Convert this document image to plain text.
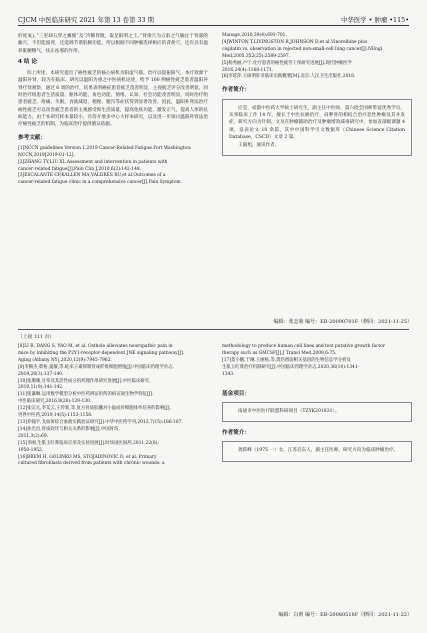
CJCM 中医临床研究 2021 年第 13 卷第 33 期	中华医学 • 肿瘤 •115•

肝度氧)。”三里却五穿之翼瘦”及“冷稀肾散，取足阳明之土。”肾俞穴为五脏之气输注于背部的腧穴，不但能滋肾，还能调节诸脏腑功能，所以根据不同肿瘤选择相应的背俞穴，还有具有温养脏腑精气，扶正祛邪的作用。

4 结 论

综上所述，本研究提出了癌性疲乏的核心病机为阳虚气郁。治疗以提振阳气，本疗效源于温阳补肾，较为在临床、研究以温阳为重之中医病机论述，给予 100 例癌性疲乏患者温阳补肾疗效观察，通过 6 周的治疗，结果表明癌症患者疲乏改善明显，主观疲乏评分改善明显，同时治疗组患者生活质量、躯体功能、角色功能、情绪、认知、社会功能改善明显，同时治疗组患者疲乏、疼痛、失眠、食欲减退、便秘、腹泻等症状得到显著改善。因此，温阳补肾法治疗癌性疲乏可以改善疲乏患者的主观感受和生活质量，提高免疫功能，激发正气，提高人体的抗病能力，由于本研究样本量较小，有待开展多中心大样本研究，以及进一步探讨温阳补肾法治疗癌性疲乏的机制，为临床治疗提供循证依据。

参考文献：
[1]NCCN guidelines Version 1.2019 Cancer-Related Fatigue.Fort Washington:
NCCN,2019[2019-01-12].
[2]ZHANG TY,LIU XL.Assessment and intervention in patients with
cancer-related fatigue[J].Pain Clin J,2010,6(2):142-148.
[3]ESCALANTE CP,KALLEN MA,VALDRES RU,et al.Outcomes of a
cancer-related fatigue clinic in a comprehensive cancer[J].Pain Symptom
Manage,2010,39(4):691-701.
[4]WINTON T,LIVINGSTON R,JOHNSON D,et al.Vinorelbine plus
cisplatin vs. observation in rejected non-small-cell lung cancer[J].NEngl
Med,2005,352(25):2589-2597.
[5]杨秀丽,卢宁.化疗患者的癌性疲劳干预研究进展[J].现代肿瘤医学
2016,24(4):1168-1171.
[6]李延萍.王硕明肝炎临床实践概要[M].北京:人民卫生出版社,2018.
作者简介：

应莹，成都中医药大学硕士研究生，副主任中医师，第六批全国师带徒优秀学员，从事临床工作 14 年，擅长于中医抗癌治疗，肩胛骨的相结合治疗恶性肿瘤及其并发症，研究方向为针刺。文及在肿瘤辅助治疗及肿瘤增效减毒研究中，参加省部级课题 4 项，发表论文 10 余篇，其中中国科学引文数据库（Chinese Science Citation Database，CSCD）文章 2 篇。

王毅旭，通讯作者。

编辑：张志菊 编号：EB-20090701F（修回：2021-11-25）
（上接 111 页）
[8]LI R, DANG S, YAO M, et al. Osthole alleviates neuropathic pain in
mice by inhibiting the P2Y1-receptor-dependent JNK signaling pathway[J].
Aging (Albany NY),2020,12(9):7945-7962.
[9]李腾杰,柴裕,曼敏,等.蛇床子素抑制肾成纤维细胞增殖[J].中国临床药理学杂志,
2019,26(3):137-140.
[10]张珊珊,甘草及其活性成分的药理作用研究进展[J].中医临床研究,
2019,11(9):141-142.
[11]张谦琳.运用数学模型分析中医药辨证用药的病证间生物学特征[J].
中医临床研究,2016,8(26):129-130.
[12]张宗元,李艾云,王传新,等.复方骨质胶囊对小鼠成骨细胞体外培养的影响[J].
世界中医药,2019,14(5):1153-1158.
[13]乔翰平,戈血斑综合血液实践验证研究[J].中华中医药学刊,2013,7(15):186-187.
[14]孙光昌,骨质软坯与相关关系的影响[J].中国骨伤,
2011,3(2):69.
[15]李刚,生肌玉红膏临床应用及实验进展[J].时珍国医国药,2011,22(8):
1950-1952.
[16]BREM H, GOLINKO MS, STOJADINOVIC O, et al. Primary
cultured fibroblasts derived from patients with chronic wounds: a
methodology to produce human cell lines and test putative growth factor
therapy such as GMCSF[J].J Transl Med,2008,6:75.
[17]莫小鹏,于琳,王丽杨,等.烧伤创面相关基因的生物信息学分析及
生肌玉红膏治疗机制研究[J].中国临床药理学杂志,2020,36(10):1341-
1343.
基金项目：

南通市中医医疗联盟科研项目（TZYK201831）。

作者简介：

龚跃峰（1975 一）女，江苏启东人，副主任医师。研究方向为临床肿瘤治疗。

编辑：白莉 编号：EB-20080518F（修回：2021-11-22）
